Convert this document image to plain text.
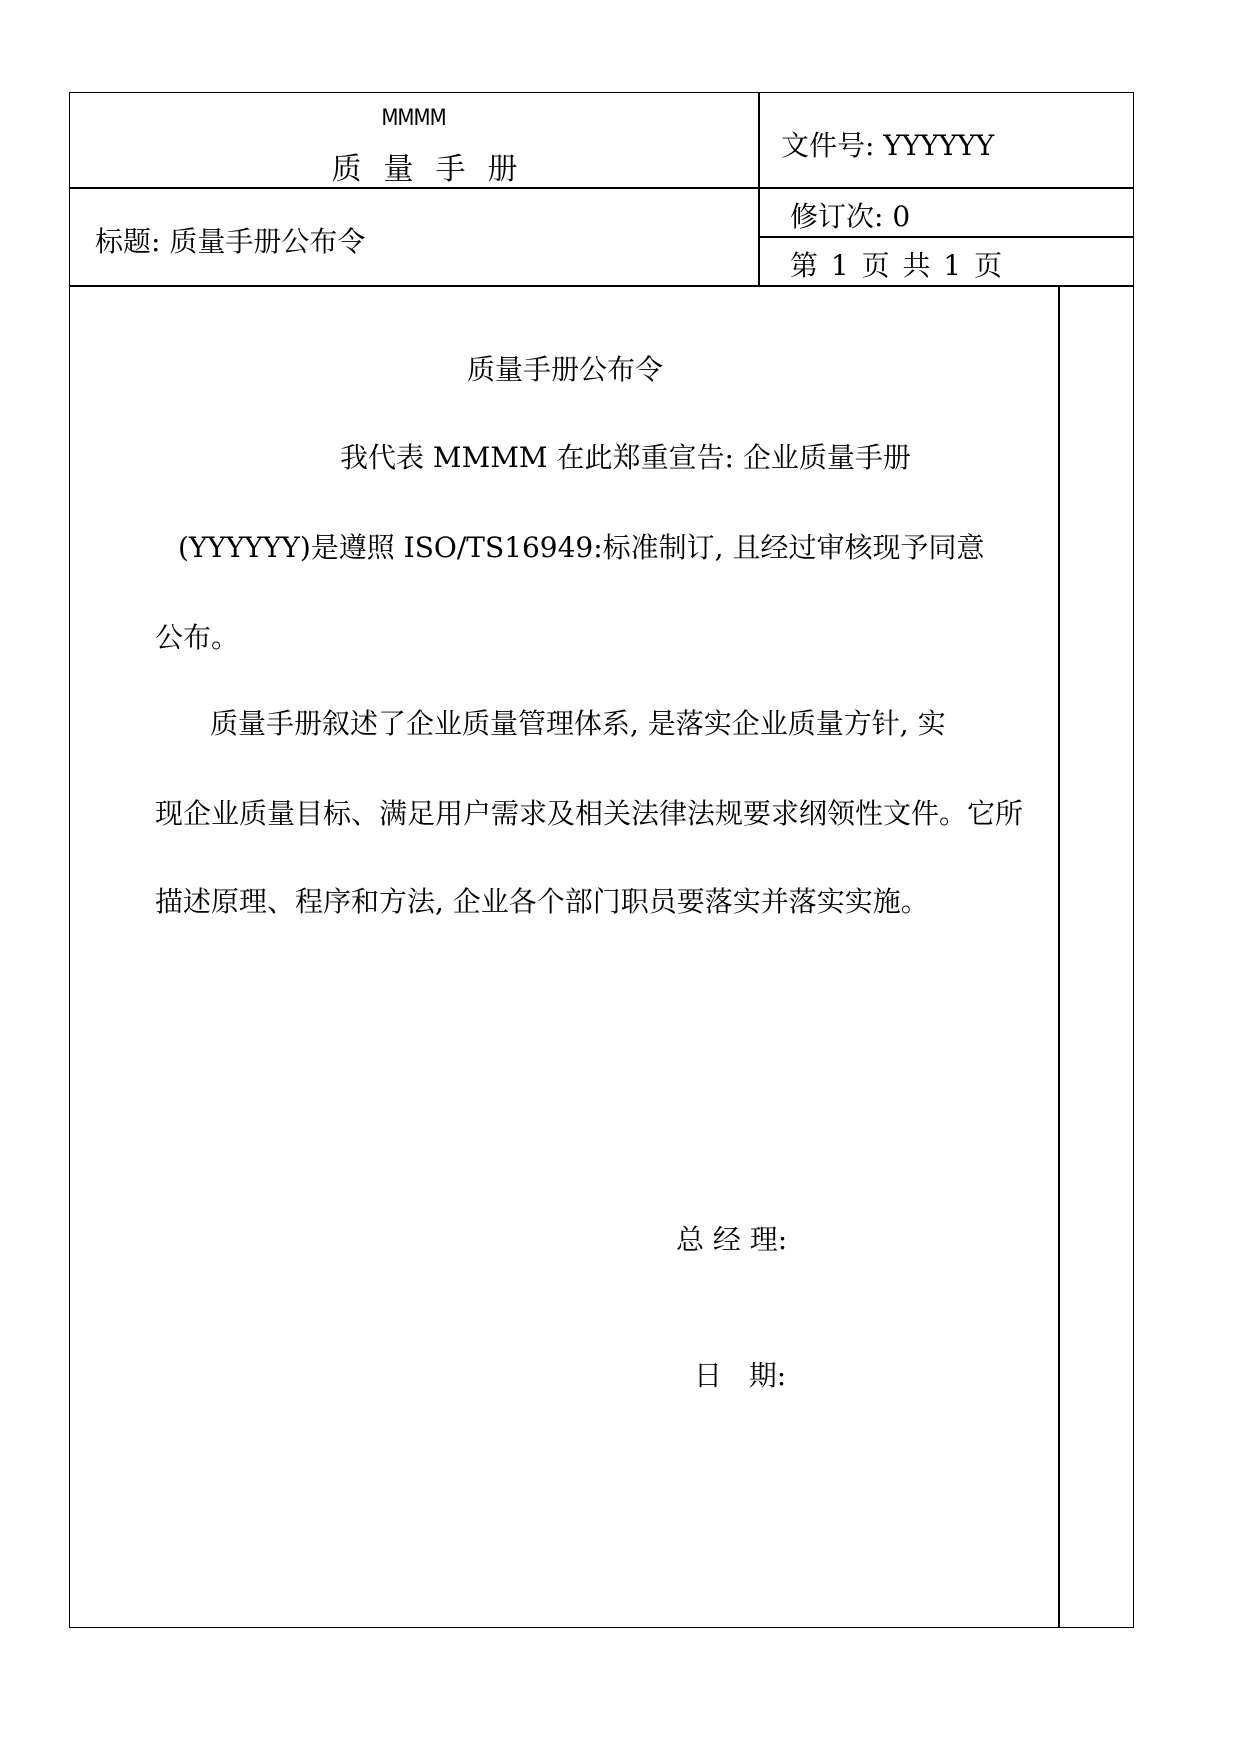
MMMM
质量手册
文件号: YYYYYY
标题: 质量手册公布令
修订次: 0
第 1 页 共 1 页
质量手册公布令
我代表 MMMM 在此郑重宣告: 企业质量手册
(YYYYYY)是遵照 ISO/TS16949:标准制订, 且经过审核现予同意
公布。
质量手册叙述了企业质量管理体系, 是落实企业质量方针, 实
现企业质量目标、满足用户需求及相关法律法规要求纲领性文件。它所
描述原理、程序和方法, 企业各个部门职员要落实并落实实施。
总 经 理:
日   期:
